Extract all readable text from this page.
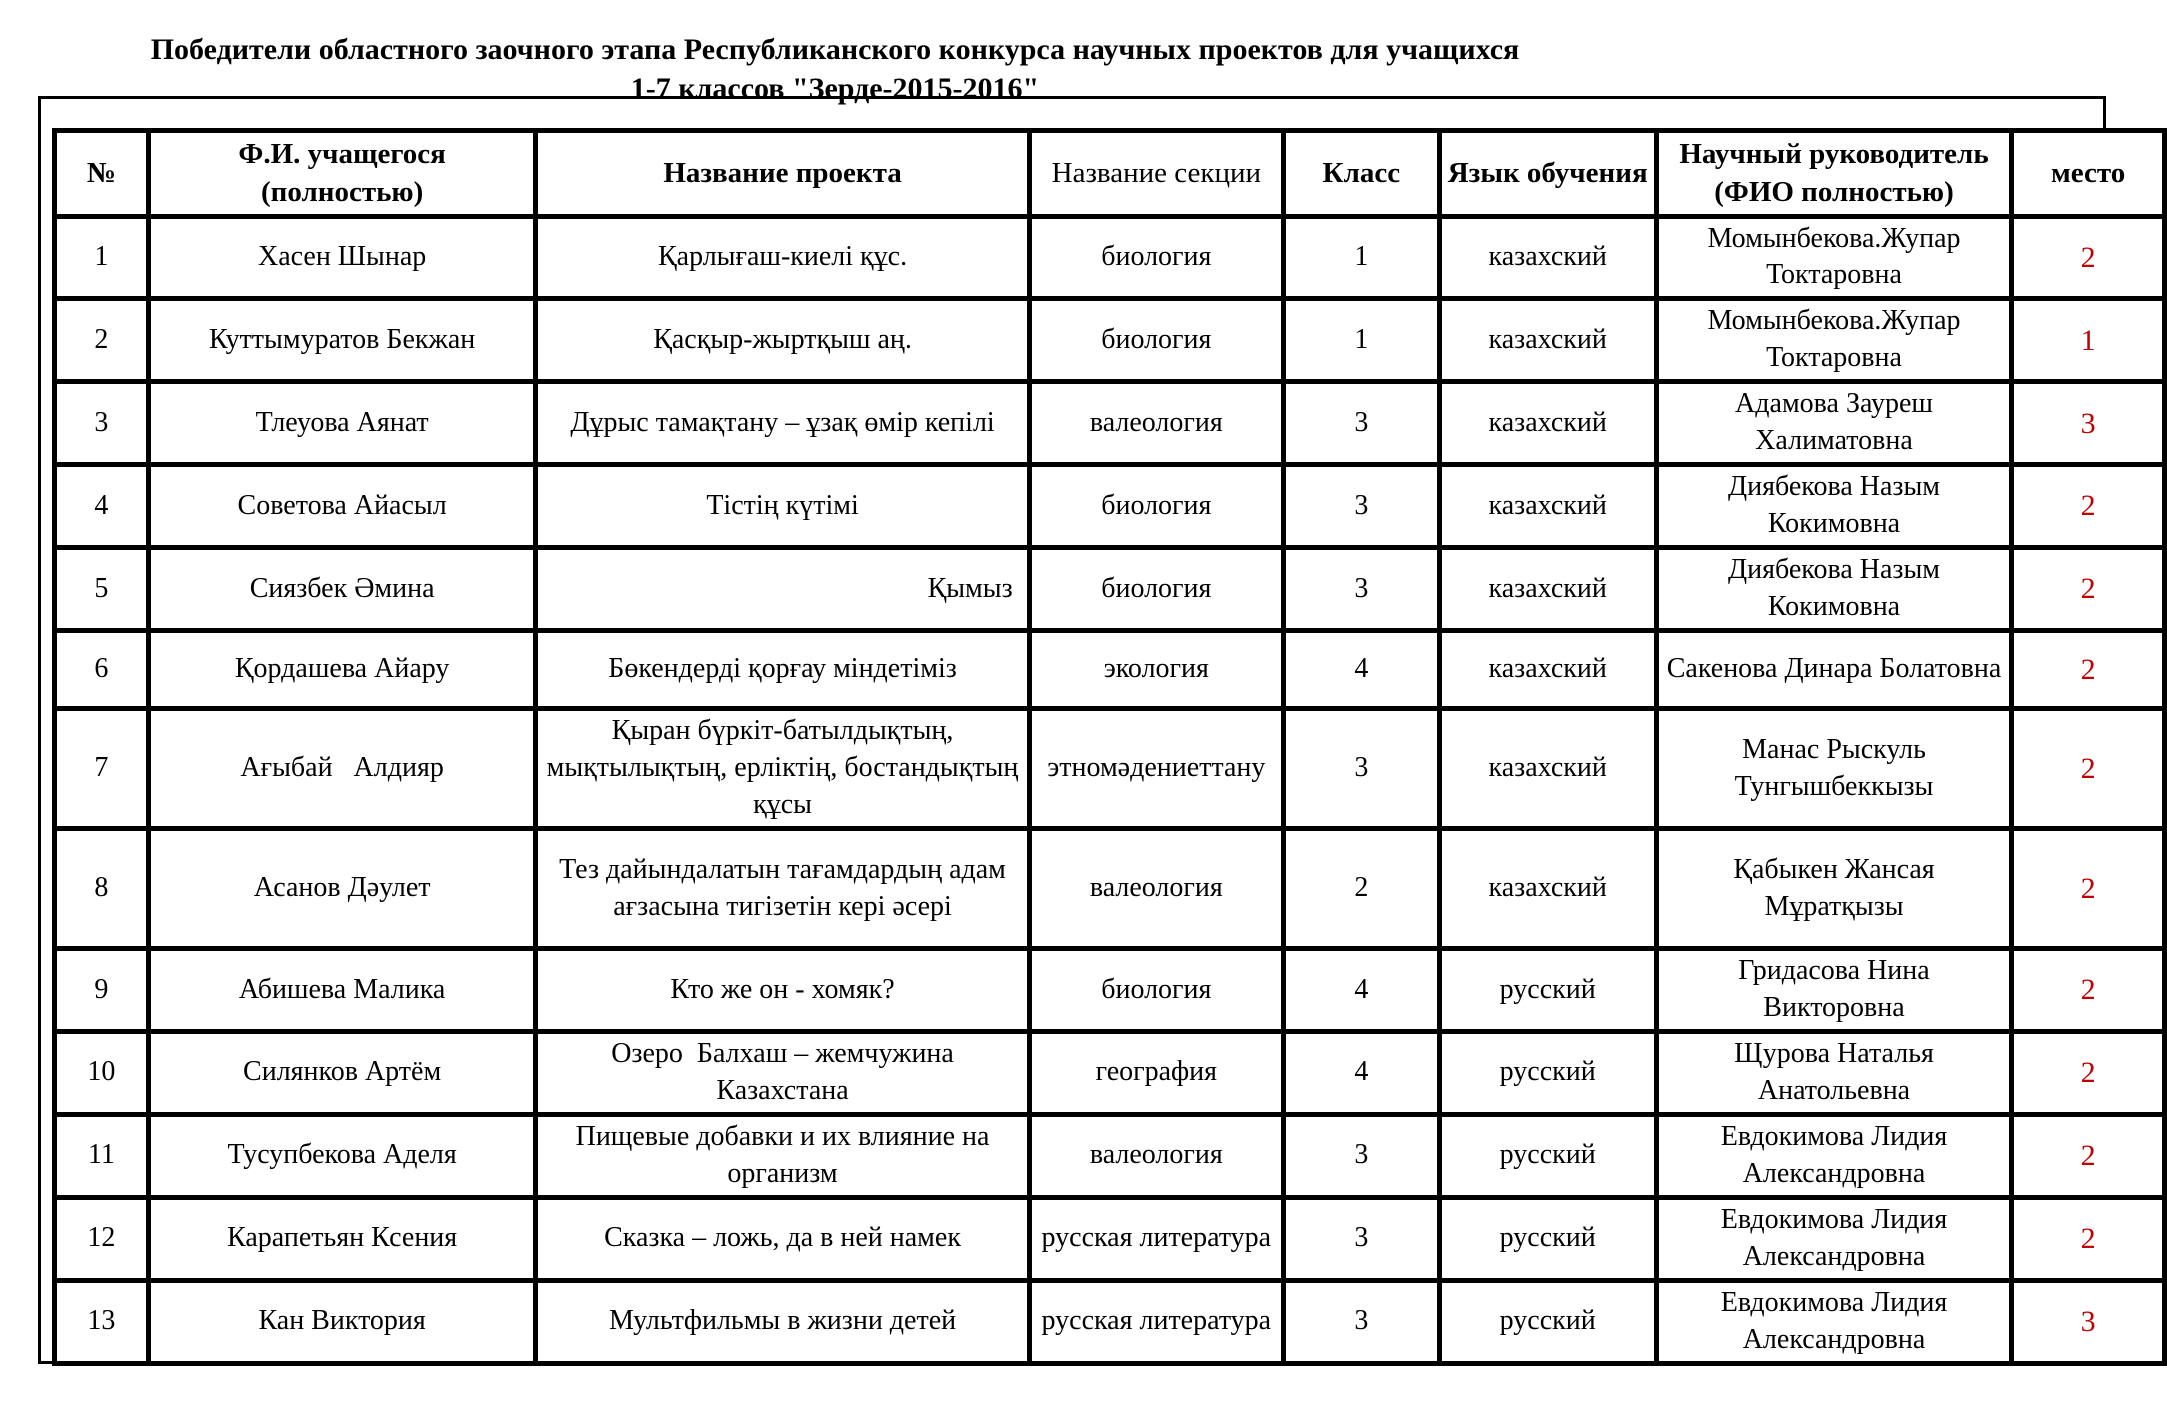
Победители областного заочного этапа Республиканского конкурса научных проектов для учащихся
1-7 классов "Зерде-2015-2016"
№	Ф.И. учащегося (полностью)	Название проекта	Название секции	Класс	Язык обучения	Научный руководитель (ФИО полностью)	место
1	Хасен Шынар	Қарлығаш-киелі құс.	биология	1	казахский	Момынбекова.Жупар Токтаровна	2
2	Куттымуратов Бекжан	Қасқыр-жыртқыш аң.	биология	1	казахский	Момынбекова.Жупар Токтаровна	1
3	Тлеуова Аянат	Дұрыс тамақтану – ұзақ өмір кепілі	валеология	3	казахский	Адамова Зауреш Халиматовна	3
4	Советова Айасыл	Тістің күтімі	биология	3	казахский	Диябекова Назым Кокимовна	2
5	Сиязбек Әмина	Қымыз	биология	3	казахский	Диябекова Назым Кокимовна	2
6	Қордашева Айару	Бөкендерді қорғау міндетіміз	экология	4	казахский	Сакенова Динара Болатовна	2
7	Ағыбай   Алдияр	Қыран бүркіт-батылдықтың, мықтылықтың, ерліктің, бостандықтың құсы	этномәдениеттану	3	казахский	Манас Рыскуль Тунгышбеккызы	2
8	Асанов Дәулет	Тез дайындалатын тағамдардың адам ағзасына тигізетін кері әсері	валеология	2	казахский	Қабыкен Жансая Мұратқызы	2
9	Абишева Малика	Кто же он - хомяк?	биология	4	русский	Гридасова Нина Викторовна	2
10	Силянков Артём	Озеро  Балхаш – жемчужина Казахстана	география	4	русский	Щурова Наталья Анатольевна	2
11	Тусупбекова Аделя	Пищевые добавки и их влияние на организм	валеология	3	русский	Евдокимова Лидия Александровна	2
12	Карапетьян Ксения	Сказка – ложь, да в ней намек	русская литература	3	русский	Евдокимова Лидия Александровна	2
13	Кан Виктория	Мультфильмы в жизни детей	русская литература	3	русский	Евдокимова Лидия Александровна	3
